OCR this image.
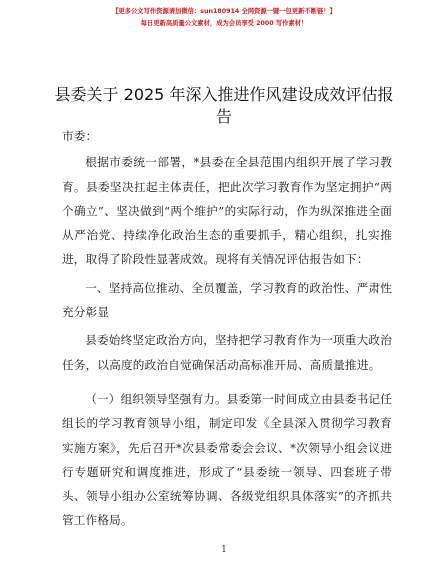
【更多公文写作资源请加微信：sun180914 全网资源一键一包更新不断链！】
每日更新高质量公文素材，成为会员享受 2000 写作素材！
县委关于 2025 年深入推进作风建设成效评估报告

市委：

根据市委统一部署，*县委在全县范围内组织开展了学习教育。县委坚决扛起主体责任，把此次学习教育作为坚定拥护“两个确立”、坚决做到“两个维护”的实际行动，作为纵深推进全面从严治党、持续净化政治生态的重要抓手，精心组织，扎实推进，取得了阶段性显著成效。现将有关情况评估报告如下：

一、坚持高位推动、全员覆盖，学习教育的政治性、严肃性充分彰显

县委始终坚定政治方向，坚持把学习教育作为一项重大政治任务，以高度的政治自觉确保活动高标准开局、高质量推进。

（一）组织领导坚强有力。县委第一时间成立由县委书记任组长的学习教育领导小组，制定印发《全县深入贯彻学习教育实施方案》，先后召开*次县委常委会会议、*次领导小组会议进行专题研究和调度推进，形成了“县委统一领导、四套班子带头、领导小组办公室统筹协调、各级党组织具体落实”的齐抓共管工作格局。

1
